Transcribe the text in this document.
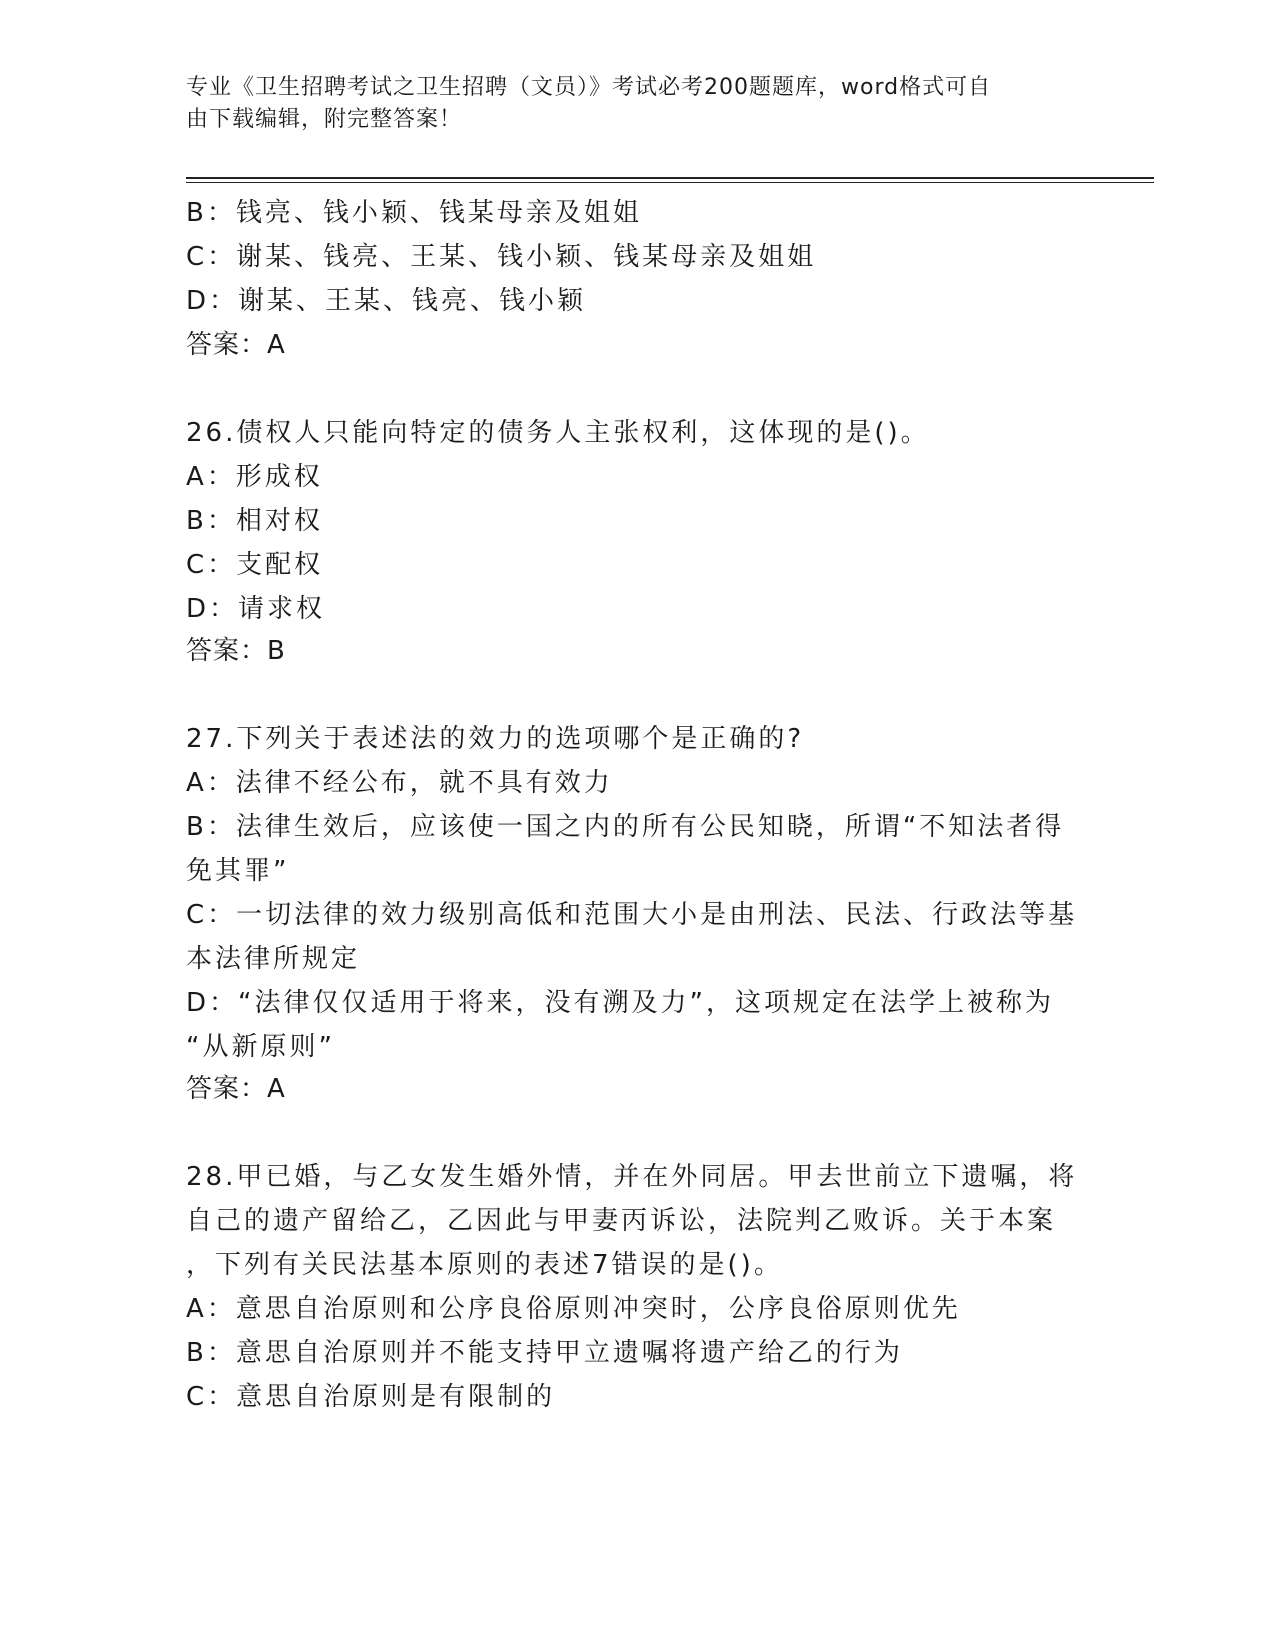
专业《卫生招聘考试之卫生招聘（文员）》考试必考200题题库，word格式可自
由下载编辑，附完整答案！
B：钱亮、钱小颖、钱某母亲及姐姐
C：谢某、钱亮、王某、钱小颖、钱某母亲及姐姐
D：谢某、王某、钱亮、钱小颖
答案：A
26.债权人只能向特定的债务人主张权利，这体现的是()。
A：形成权
B：相对权
C：支配权
D：请求权
答案：B
27.下列关于表述法的效力的选项哪个是正确的?
A：法律不经公布，就不具有效力
B：法律生效后，应该使一国之内的所有公民知晓，所谓“不知法者得
免其罪”
C：一切法律的效力级别高低和范围大小是由刑法、民法、行政法等基
本法律所规定
D：“法律仅仅适用于将来，没有溯及力”，这项规定在法学上被称为
“从新原则”
答案：A
28.甲已婚，与乙女发生婚外情，并在外同居。甲去世前立下遗嘱，将
自己的遗产留给乙，乙因此与甲妻丙诉讼，法院判乙败诉。关于本案
，下列有关民法基本原则的表述7错误的是()。
A：意思自治原则和公序良俗原则冲突时，公序良俗原则优先
B：意思自治原则并不能支持甲立遗嘱将遗产给乙的行为
C：意思自治原则是有限制的
